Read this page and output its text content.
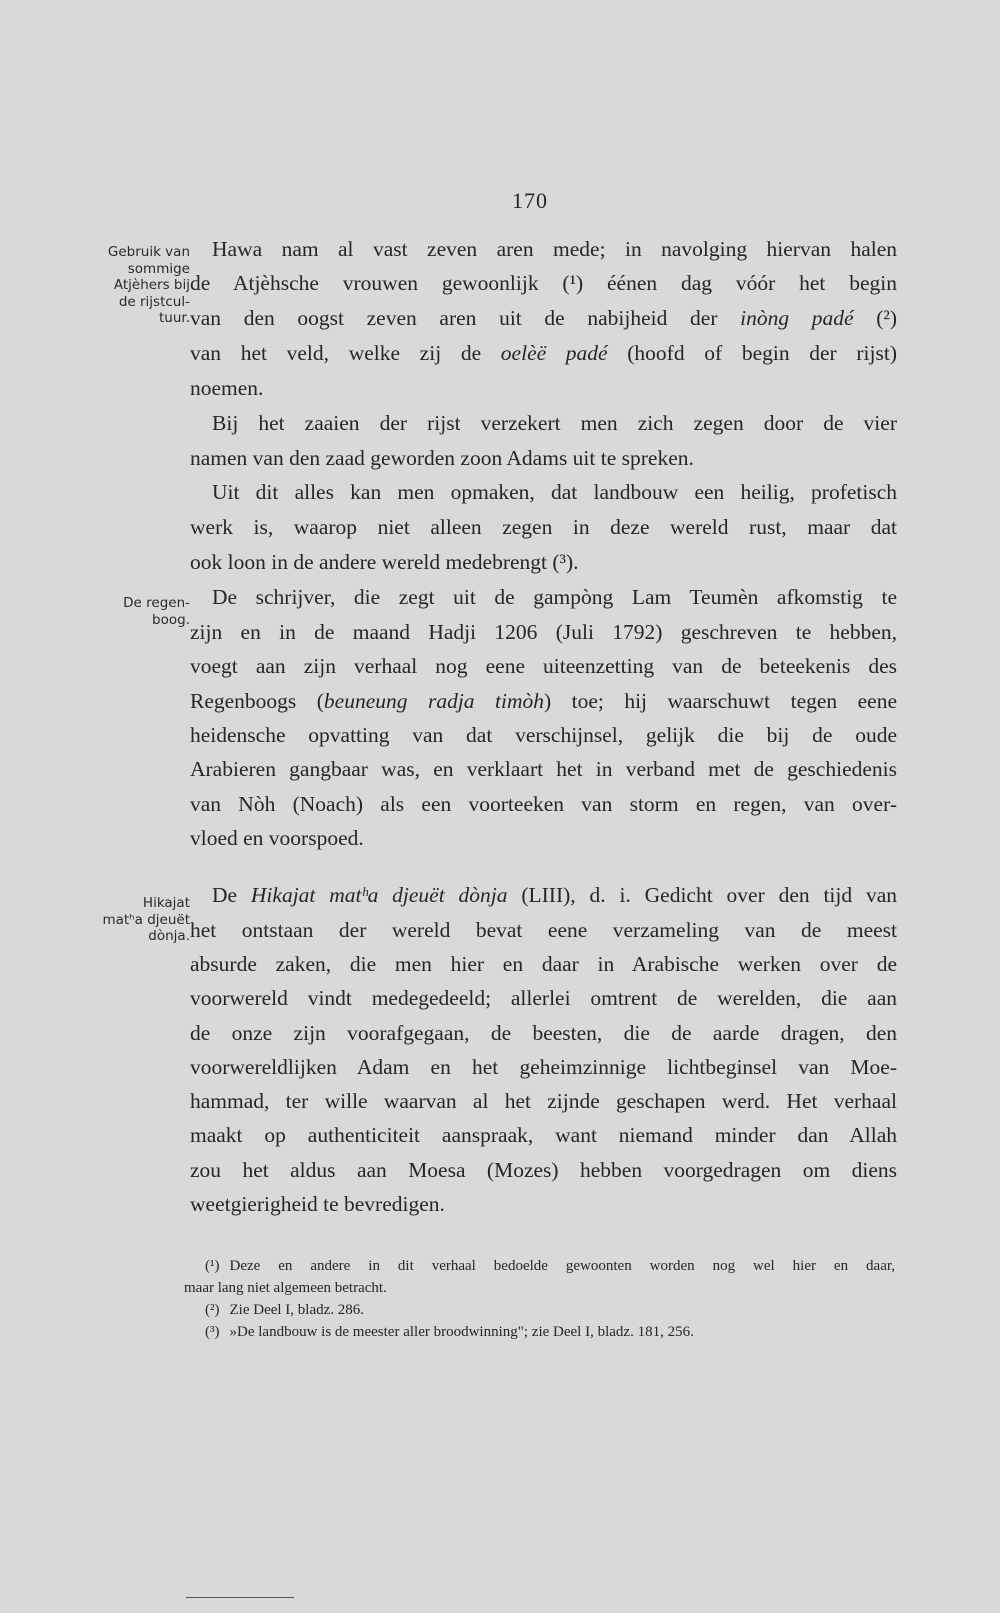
170
Gebruik van
sommige
Atjèhers bij
de rijstcul-
tuur.
De regen-
boog.
Hikajat
matʰa djeuët
dònja.
Hawa nam al vast zeven aren mede; in navolging hiervan halen
de Atjèhsche vrouwen gewoonlijk (¹) éénen dag vóór het begin
van den oogst zeven aren uit de nabijheid der inòng padé (²)
van het veld, welke zij de oelèë padé (hoofd of begin der rijst)
noemen.
Bij het zaaien der rijst verzekert men zich zegen door de vier
namen van den zaad geworden zoon Adams uit te spreken.
Uit dit alles kan men opmaken, dat landbouw een heilig, profetisch
werk is, waarop niet alleen zegen in deze wereld rust, maar dat
ook loon in de andere wereld medebrengt (³).
De schrijver, die zegt uit de gampòng Lam Teumèn afkomstig te
zijn en in de maand Hadji 1206 (Juli 1792) geschreven te hebben,
voegt aan zijn verhaal nog eene uiteenzetting van de beteekenis des
Regenboogs (beuneung radja timòh) toe; hij waarschuwt tegen eene
heidensche opvatting van dat verschijnsel, gelijk die bij de oude
Arabieren gangbaar was, en verklaart het in verband met de geschiedenis
van Nòh (Noach) als een voorteeken van storm en regen, van over-
vloed en voorspoed.
De Hikajat matʰa djeuët dònja (LIII), d. i. Gedicht over den tijd van
het ontstaan der wereld bevat eene verzameling van de meest
absurde zaken, die men hier en daar in Arabische werken over de
voorwereld vindt medegedeeld; allerlei omtrent de werelden, die aan
de onze zijn voorafgegaan, de beesten, die de aarde dragen, den
voorwereldlijken Adam en het geheimzinnige lichtbeginsel van Moe-
hammad, ter wille waarvan al het zijnde geschapen werd. Het verhaal
maakt op authenticiteit aanspraak, want niemand minder dan Allah
zou het aldus aan Moesa (Mozes) hebben voorgedragen om diens
weetgierigheid te bevredigen.
(¹) Deze en andere in dit verhaal bedoelde gewoonten worden nog wel hier en daar,
maar lang niet algemeen betracht.
(²) Zie Deel I, bladz. 286.
(³) »De landbouw is de meester aller broodwinning"; zie Deel I, bladz. 181, 256.
